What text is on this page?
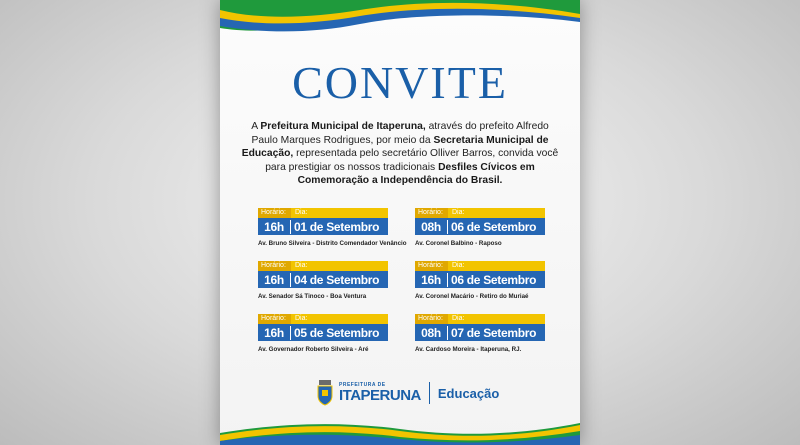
CONVITE
A Prefeitura Municipal de Itaperuna, através do prefeito Alfredo Paulo Marques Rodrigues, por meio da Secretaria Municipal de Educação, representada pelo secretário Olliver Barros, convida você para prestigiar os nossos tradicionais Desfiles Cívicos em Comemoração a Independência do Brasil.
Horário:	Dia:
16h 01 de Setembro
Av. Bruno Silveira - Distrito Comendador Venâncio
Horário:	Dia:
08h 06 de Setembro
Av. Coronel Balbino - Raposo
Horário:	Dia:
16h 04 de Setembro
Av. Senador Sá Tinoco - Boa Ventura
Horário:	Dia:
16h 06 de Setembro
Av. Coronel Macário - Retiro do Muriaé
Horário:	Dia:
16h 05 de Setembro
Av. Governador Roberto Silveira - Aré
Horário:	Dia:
08h 07 de Setembro
Av. Cardoso Moreira - Itaperuna, RJ.
PREFEITURA DE
ITAPERUNA Educação
